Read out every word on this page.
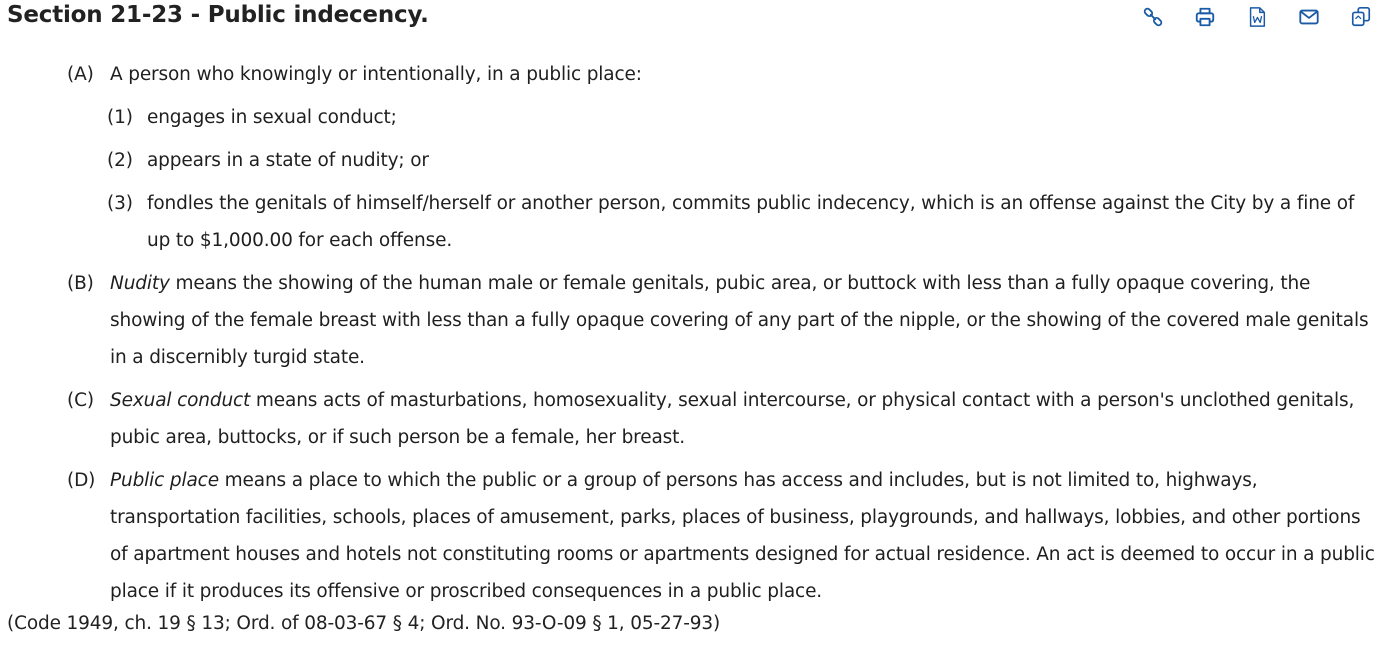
Section 21-23 - Public indecency.
(A) A person who knowingly or intentionally, in a public place:
(1) engages in sexual conduct;
(2) appears in a state of nudity; or
(3) fondles the genitals of himself/herself or another person, commits public indecency, which is an offense against the City by a fine of up to $1,000.00 for each offense.
(B) Nudity means the showing of the human male or female genitals, pubic area, or buttock with less than a fully opaque covering, the showing of the female breast with less than a fully opaque covering of any part of the nipple, or the showing of the covered male genitals in a discernibly turgid state.
(C) Sexual conduct means acts of masturbations, homosexuality, sexual intercourse, or physical contact with a person's unclothed genitals, pubic area, buttocks, or if such person be a female, her breast.
(D) Public place means a place to which the public or a group of persons has access and includes, but is not limited to, highways, transportation facilities, schools, places of amusement, parks, places of business, playgrounds, and hallways, lobbies, and other portions of apartment houses and hotels not constituting rooms or apartments designed for actual residence. An act is deemed to occur in a public place if it produces its offensive or proscribed consequences in a public place.
(Code 1949, ch. 19 § 13; Ord. of 08-03-67 § 4; Ord. No. 93-O-09 § 1, 05-27-93)
